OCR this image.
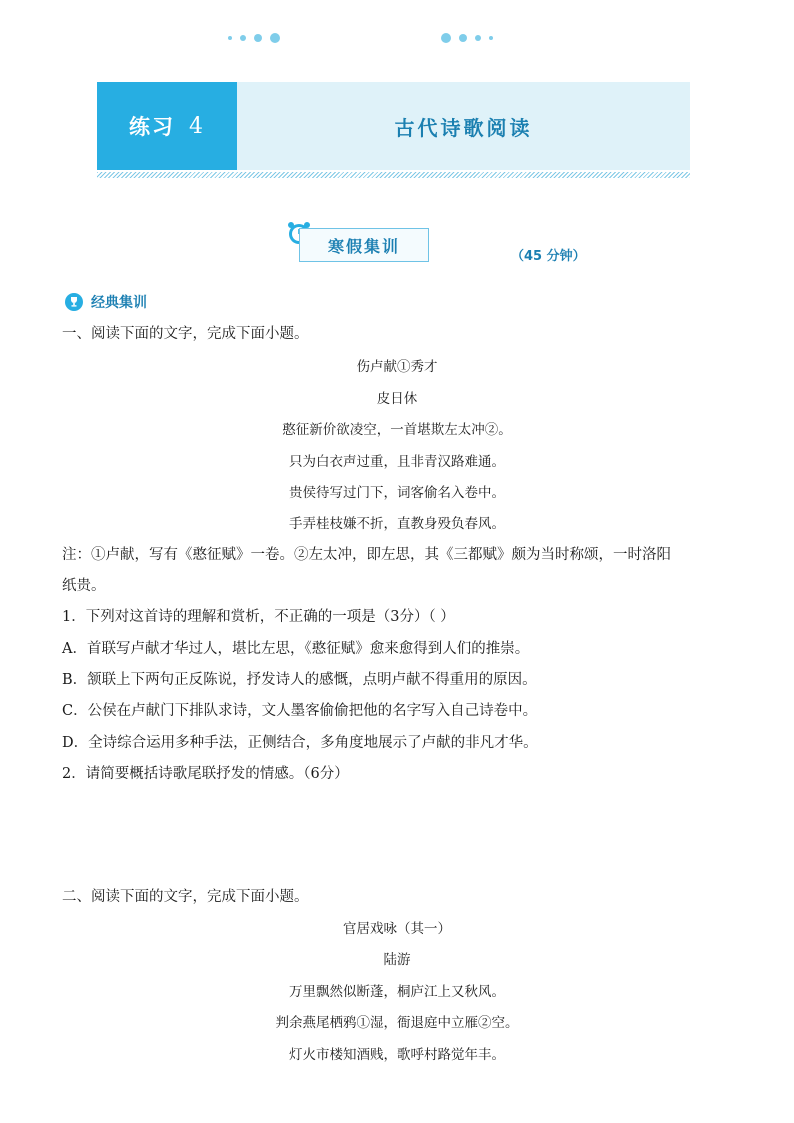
练习 4	古代诗歌阅读
寒假集训
（45 分钟）
经典集训
一、阅读下面的文字，完成下面小题。
伤卢献①秀才
皮日休
憨征新价欲凌空，一首堪欺左太冲②。
只为白衣声过重，且非青汉路难通。
贵侯待写过门下，词客偷名入卷中。
手弄桂枝嫌不折，直教身殁负春风。
注：①卢献，写有《憨征赋》一卷。②左太冲，即左思，其《三都赋》颇为当时称颂，一时洛阳
纸贵。
1．下列对这首诗的理解和赏析，不正确的一项是（3分）（ ）
A．首联写卢献才华过人，堪比左思，《憨征赋》愈来愈得到人们的推崇。
B．颔联上下两句正反陈说，抒发诗人的感慨，点明卢献不得重用的原因。
C．公侯在卢献门下排队求诗，文人墨客偷偷把他的名字写入自己诗卷中。
D．全诗综合运用多种手法，正侧结合，多角度地展示了卢献的非凡才华。
2．请简要概括诗歌尾联抒发的情感。（6分）
二、阅读下面的文字，完成下面小题。
官居戏咏（其一）
陆游
万里飘然似断蓬，桐庐江上又秋风。
判余燕尾栖鸦①湿，衙退庭中立雁②空。
灯火市楼知酒贱，歌呼村路觉年丰。
